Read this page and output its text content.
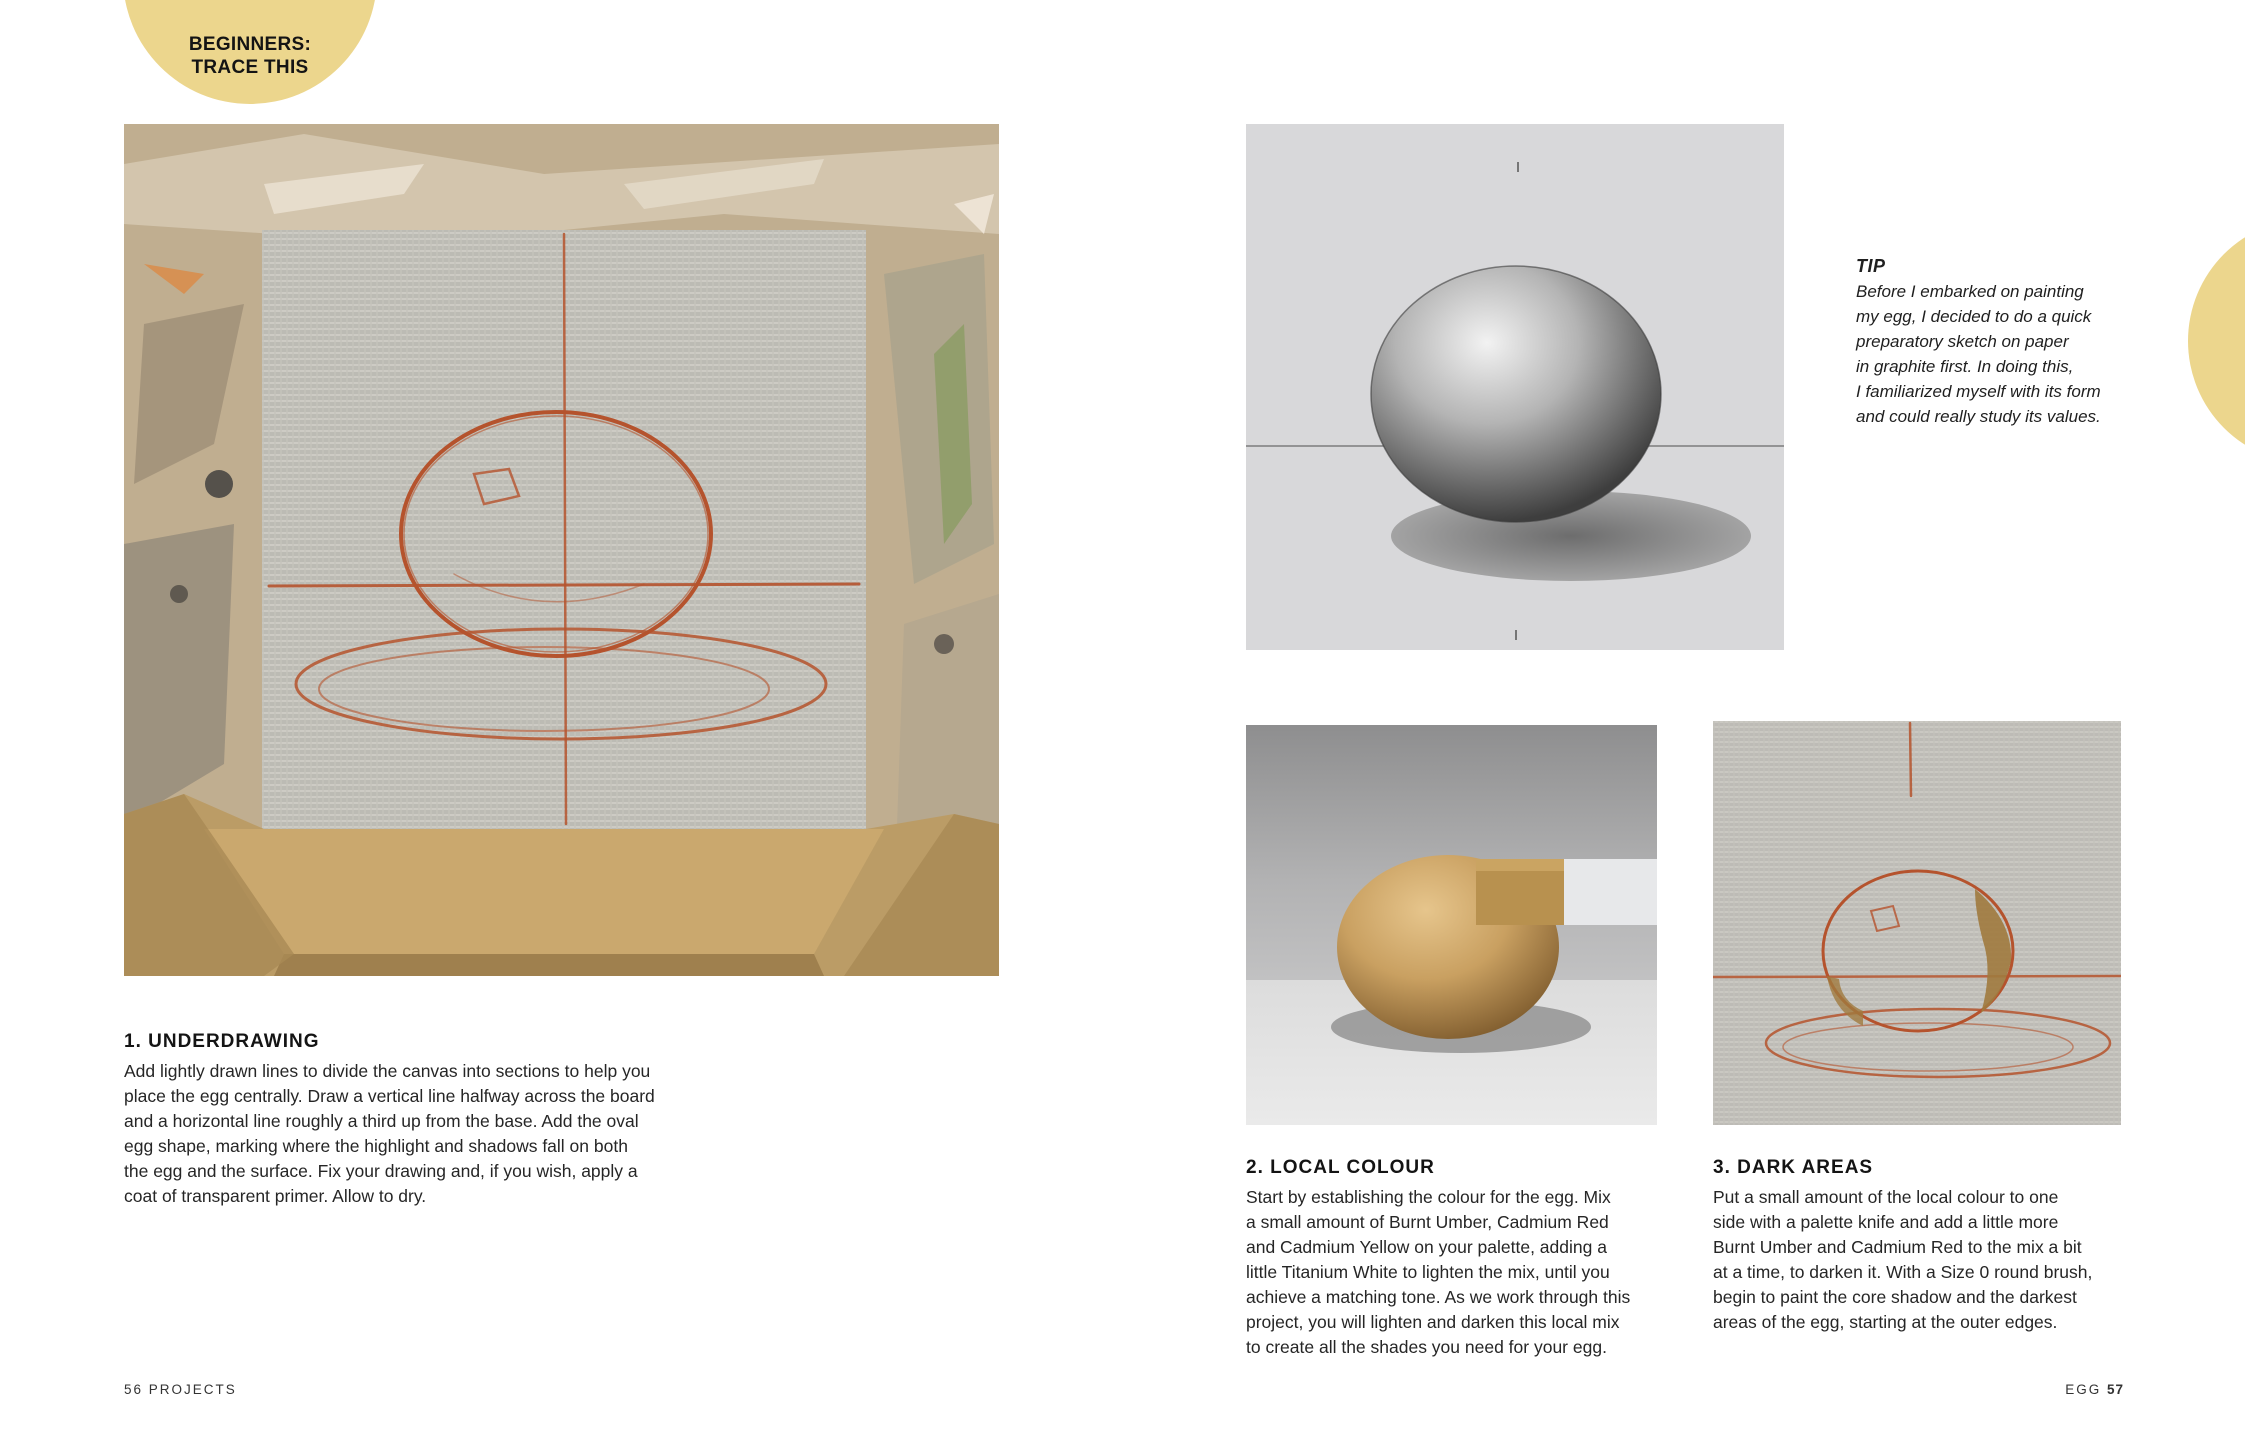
BEGINNERS:
TRACE THIS
TIP
Before I embarked on painting
my egg, I decided to do a quick
preparatory sketch on paper
in graphite first. In doing this,
I familiarized myself with its form
and could really study its values.
1. UNDERDRAWING

Add lightly drawn lines to divide the canvas into sections to help you
place the egg centrally. Draw a vertical line halfway across the board
and a horizontal line roughly a third up from the base. Add the oval
egg shape, marking where the highlight and shadows fall on both
the egg and the surface. Fix your drawing and, if you wish, apply a
coat of transparent primer. Allow to dry.

2. LOCAL COLOUR

Start by establishing the colour for the egg. Mix
a small amount of Burnt Umber, Cadmium Red
and Cadmium Yellow on your palette, adding a
little Titanium White to lighten the mix, until you
achieve a matching tone. As we work through this
project, you will lighten and darken this local mix
to create all the shades you need for your egg.

3. DARK AREAS

Put a small amount of the local colour to one
side with a palette knife and add a little more
Burnt Umber and Cadmium Red to the mix a bit
at a time, to darken it. With a Size 0 round brush,
begin to paint the core shadow and the darkest
areas of the egg, starting at the outer edges.

56 PROJECTS	EGG 57
